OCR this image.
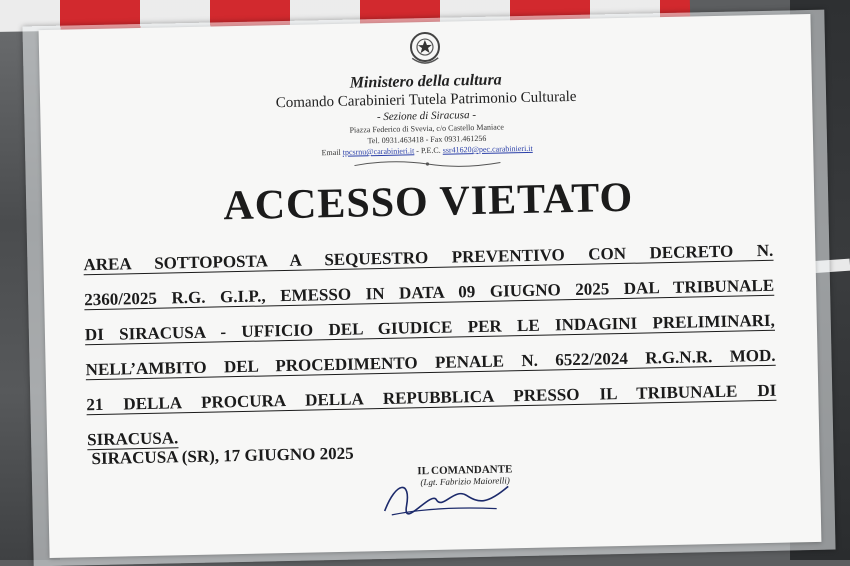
Ministero della cultura
Comando Carabinieri Tutela Patrimonio Culturale
- Sezione di Siracusa -
Piazza Federico di Svevia, c/o Castello Maniace
Tel. 0931.463418 - Fax 0931.461256
Email tpcsrnu@carabinieri.it - P.E.C. ssr41620@pec.carabinieri.it
ACCESSO VIETATO
AREA SOTTOPOSTA A SEQUESTRO PREVENTIVO CON DECRETO N.
2360/2025 R.G. G.I.P., EMESSO IN DATA 09 GIUGNO 2025 DAL TRIBUNALE
DI SIRACUSA - UFFICIO DEL GIUDICE PER LE INDAGINI PRELIMINARI,
NELL’AMBITO DEL PROCEDIMENTO PENALE N. 6522/2024 R.G.N.R. MOD.
21 DELLA PROCURA DELLA REPUBBLICA PRESSO IL TRIBUNALE DI
SIRACUSA.
SIRACUSA (SR), 17 GIUGNO 2025
IL COMANDANTE
(Lgt. Fabrizio Maiorelli)
